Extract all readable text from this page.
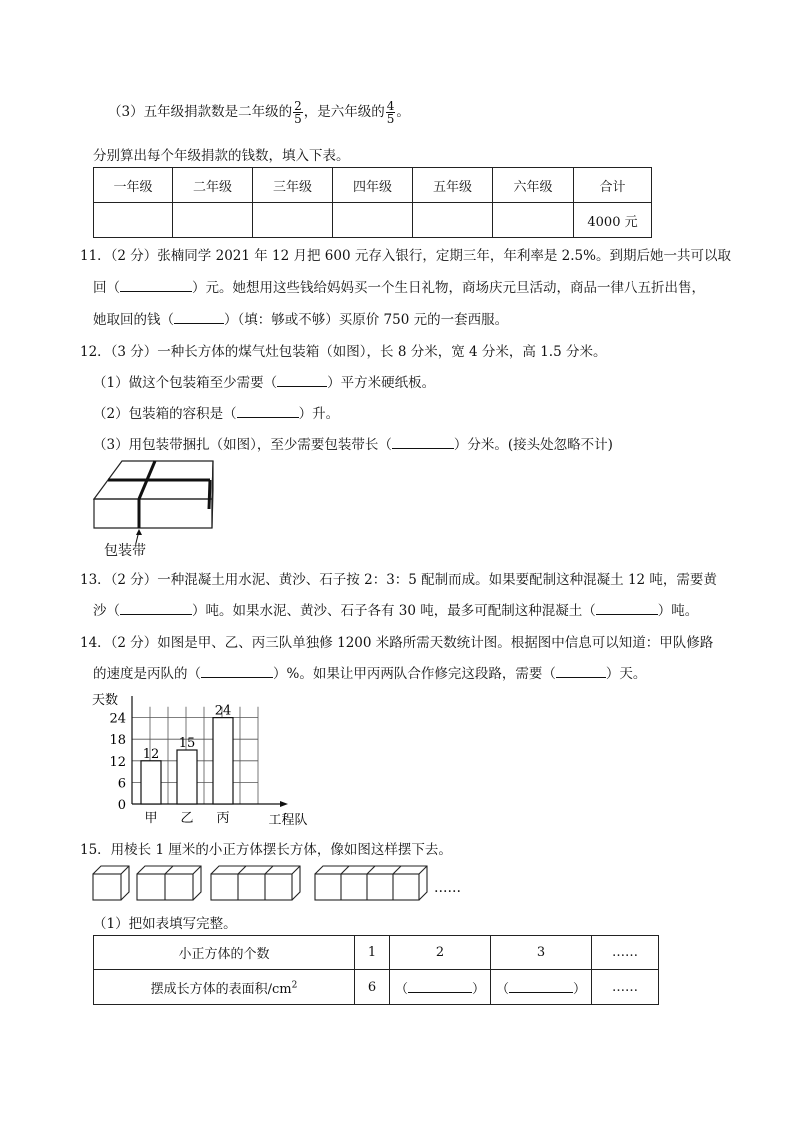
（3）五年级捐款数是二年级的 $\frac{2}{5}$ ，是六年级的 $\frac{4}{5}$ 。
分别算出每个年级捐款的钱数，填入下表。
一年级	二年级	三年级	四年级	五年级	六年级	合计
						4000 元
11．（2 分）张楠同学 2021 年 12 月把 600 元存入银行，定期三年，年利率是 2.5%。到期后她一共可以取
回（	）元。她想用这些钱给妈妈买一个生日礼物，商场庆元旦活动，商品一律八五折出售，
她取回的钱（	）（填：够或不够）买原价 750 元的一套西服。
12．（3 分）一种长方体的煤气灶包装箱（如图），长 8 分米，宽 4 分米，高 1.5 分米。
（1）做这个包装箱至少需要（	）平方米硬纸板。
（2）包装箱的容积是（	）升。
（3）用包装带捆扎（如图），至少需要包装带长（	）分米。(接头处忽略不计)
包装带
13．（2 分）一种混凝土用水泥、黄沙、石子按 2：3：5 配制而成。如果要配制这种混凝土 12 吨，需要黄
沙（	）吨。如果水泥、黄沙、石子各有 30 吨，最多可配制这种混凝土（	）吨。
14．（2 分）如图是甲、乙、丙三队单独修 1200 米路所需天数统计图。根据图中信息可以知道：甲队修路
的速度是丙队的（	）%。如果让甲丙两队合作修完这段路，需要（	）天。
0
6
12
18
24
天数
工程队
12
甲
15
乙
24
丙
15．用棱长 1 厘米的小正方体摆长方体，像如图这样摆下去。
……
（1）把如表填写完整。
小正方体的个数	1	2	3	……
摆成长方体的表面积$/cm^2$	6	（ ）	（ ）	……
